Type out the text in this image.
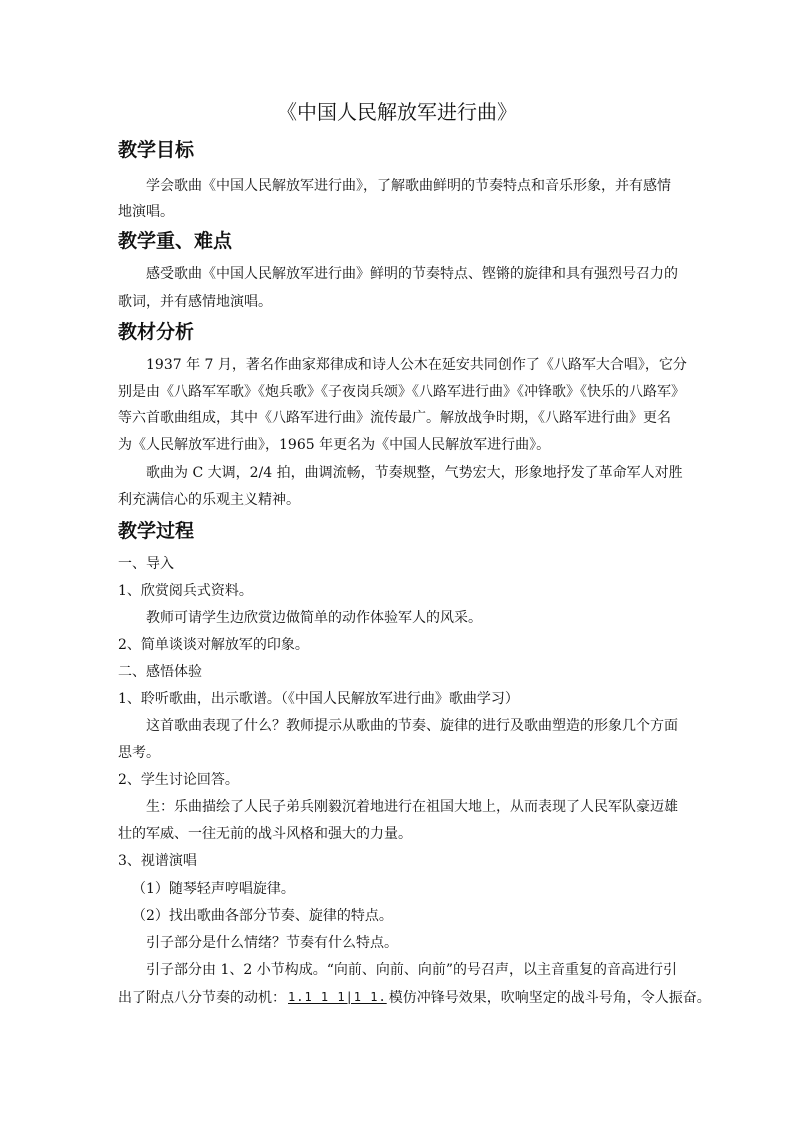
《中国人民解放军进行曲》
教学目标
学会歌曲《中国人民解放军进行曲》，了解歌曲鲜明的节奏特点和音乐形象，并有感情
地演唱。
教学重、难点
感受歌曲《中国人民解放军进行曲》鲜明的节奏特点、铿锵的旋律和具有强烈号召力的
歌词，并有感情地演唱。
教材分析
1937 年 7 月，著名作曲家郑律成和诗人公木在延安共同创作了《八路军大合唱》，它分
别是由《八路军军歌》《炮兵歌》《子夜岗兵颂》《八路军进行曲》《冲锋歌》《快乐的八路军》
等六首歌曲组成，其中《八路军进行曲》流传最广。解放战争时期，《八路军进行曲》更名
为《人民解放军进行曲》，1965 年更名为《中国人民解放军进行曲》。
歌曲为 C 大调，2/4 拍，曲调流畅，节奏规整，气势宏大，形象地抒发了革命军人对胜
利充满信心的乐观主义精神。
教学过程
一、导入
1、欣赏阅兵式资料。
教师可请学生边欣赏边做简单的动作体验军人的风采。
2、简单谈谈对解放军的印象。
二、感悟体验
1、聆听歌曲，出示歌谱。（《中国人民解放军进行曲》歌曲学习）
这首歌曲表现了什么？教师提示从歌曲的节奏、旋律的进行及歌曲塑造的形象几个方面
思考。
2、学生讨论回答。
生：乐曲描绘了人民子弟兵刚毅沉着地进行在祖国大地上，从而表现了人民军队豪迈雄
壮的军威、一往无前的战斗风格和强大的力量。
3、视谱演唱
（1）随琴轻声哼唱旋律。
（2）找出歌曲各部分节奏、旋律的特点。
引子部分是什么情绪？节奏有什么特点。
引子部分由 1、2 小节构成。“向前、向前、向前”的号召声，以主音重复的音高进行引
出了附点八分节奏的动机： 1.1 1 1|1 1. 模仿冲锋号效果，吹响坚定的战斗号角，令人振奋。
